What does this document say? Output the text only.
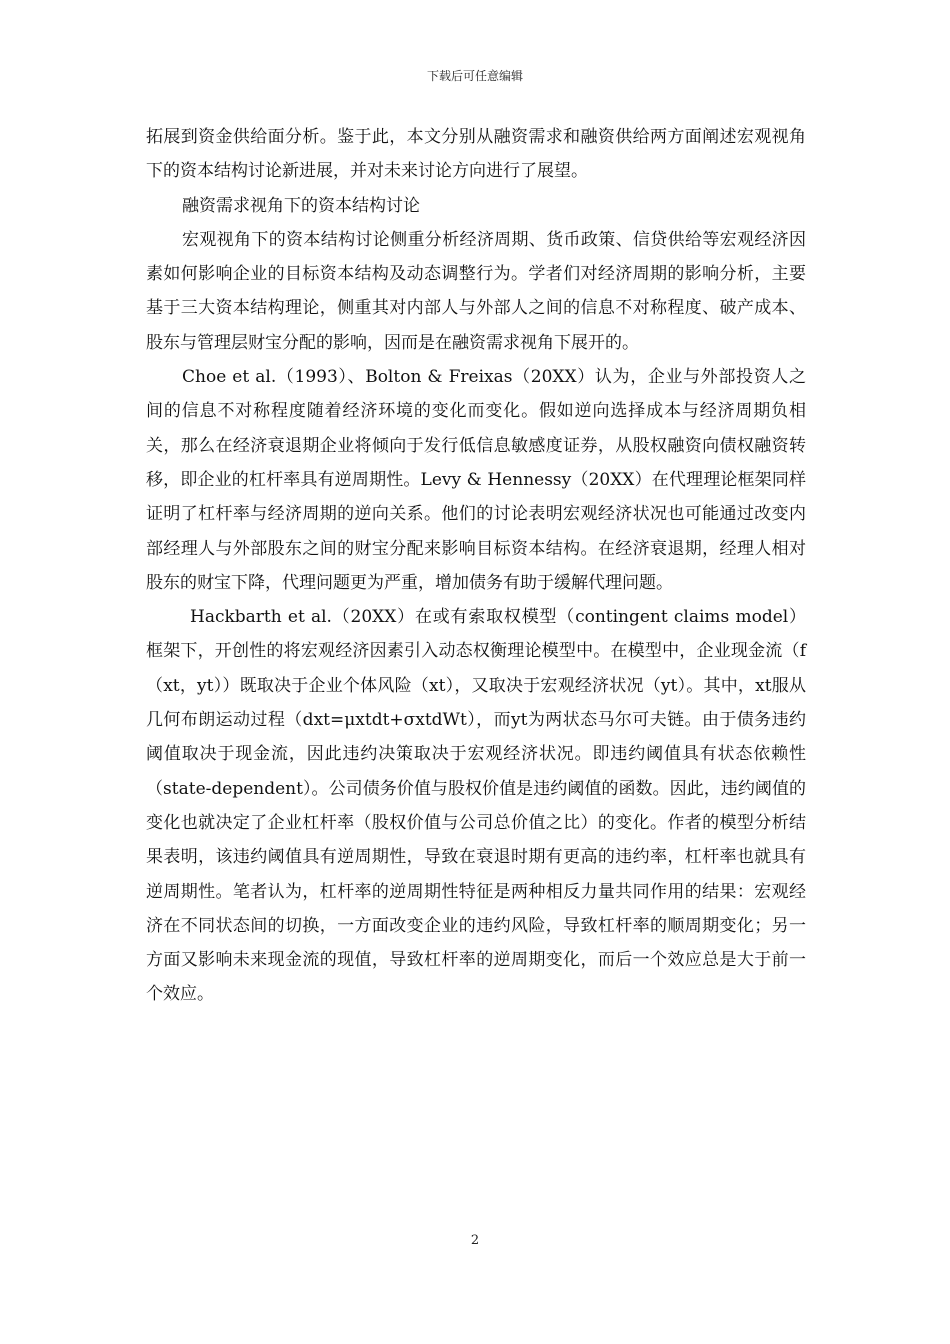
下载后可任意编辑

拓展到资金供给面分析。鉴于此，本文分别从融资需求和融资供给两方面阐述宏观视角下的资本结构讨论新进展，并对未来讨论方向进行了展望。

融资需求视角下的资本结构讨论

宏观视角下的资本结构讨论侧重分析经济周期、货币政策、信贷供给等宏观经济因素如何影响企业的目标资本结构及动态调整行为。学者们对经济周期的影响分析，主要基于三大资本结构理论，侧重其对内部人与外部人之间的信息不对称程度、破产成本、股东与管理层财宝分配的影响，因而是在融资需求视角下展开的。

Choe et al.（1993）、Bolton & Freixas（20XX）认为，企业与外部投资人之间的信息不对称程度随着经济环境的变化而变化。假如逆向选择成本与经济周期负相关，那么在经济衰退期企业将倾向于发行低信息敏感度证券，从股权融资向债权融资转移，即企业的杠杆率具有逆周期性。Levy & Hennessy（20XX）在代理理论框架同样证明了杠杆率与经济周期的逆向关系。他们的讨论表明宏观经济状况也可能通过改变内部经理人与外部股东之间的财宝分配来影响目标资本结构。在经济衰退期，经理人相对股东的财宝下降，代理问题更为严重，增加债务有助于缓解代理问题。

Hackbarth et al.（20XX）在或有索取权模型（contingent claims model）框架下，开创性的将宏观经济因素引入动态权衡理论模型中。在模型中，企业现金流（f（xt，yt））既取决于企业个体风险（xt），又取决于宏观经济状况（yt）。其中，xt服从几何布朗运动过程（dxt=μxtdt+σxtdWt），而yt为两状态马尔可夫链。由于债务违约阈值取决于现金流，因此违约决策取决于宏观经济状况。即违约阈值具有状态依赖性（state-dependent）。公司债务价值与股权价值是违约阈值的函数。因此，违约阈值的变化也就决定了企业杠杆率（股权价值与公司总价值之比）的变化。作者的模型分析结果表明，该违约阈值具有逆周期性，导致在衰退时期有更高的违约率，杠杆率也就具有逆周期性。笔者认为，杠杆率的逆周期性特征是两种相反力量共同作用的结果：宏观经济在不同状态间的切换，一方面改变企业的违约风险，导致杠杆率的顺周期变化；另一方面又影响未来现金流的现值，导致杠杆率的逆周期变化，而后一个效应总是大于前一个效应。

2
